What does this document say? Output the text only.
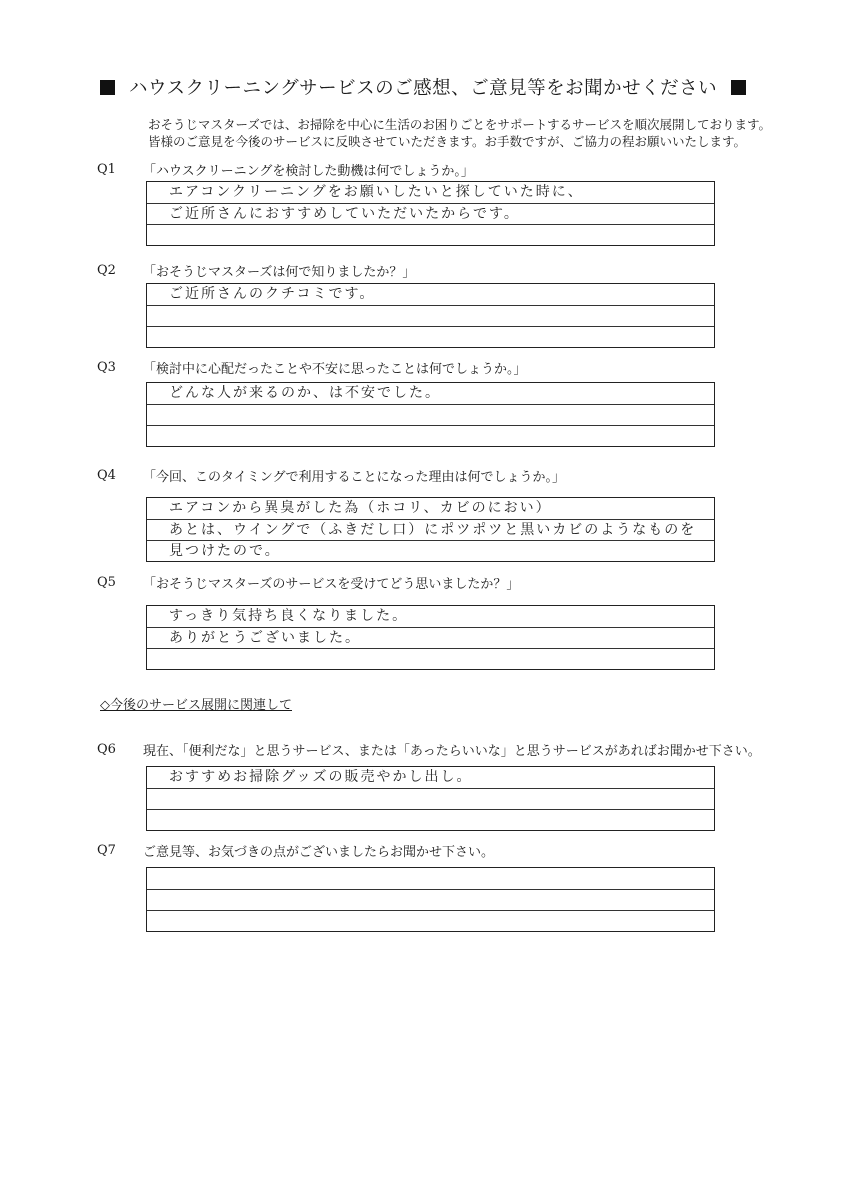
ハウスクリーニングサービスのご感想、ご意見等をお聞かせください
おそうじマスターズでは、お掃除を中心に生活のお困りごとをサポートするサービスを順次展開しております。
皆様のご意見を今後のサービスに反映させていただきます。お手数ですが、ご協力の程お願いいたします。
Q1 「ハウスクリーニングを検討した動機は何でしょうか。」
エアコンクリーニングをお願いしたいと探していた時に、
ご近所さんにおすすめしていただいたからです。
Q2 「おそうじマスターズは何で知りましたか？」
ご近所さんのクチコミです。
Q3 「検討中に心配だったことや不安に思ったことは何でしょうか。」
どんな人が来るのか、は不安でした。
Q4 「今回、このタイミングで利用することになった理由は何でしょうか。」
エアコンから異臭がした為（ホコリ、カビのにおい）
あとは、ウイングで（ふきだし口）にポツポツと黒いカビのようなものを
見つけたので。
Q5 「おそうじマスターズのサービスを受けてどう思いましたか？」
すっきり気持ち良くなりました。
ありがとうございました。
◇今後のサービス展開に関連して
Q6 現在、「便利だな」と思うサービス、または「あったらいいな」と思うサービスがあればお聞かせ下さい。
おすすめお掃除グッズの販売やかし出し。
Q7 ご意見等、お気づきの点がございましたらお聞かせ下さい。
